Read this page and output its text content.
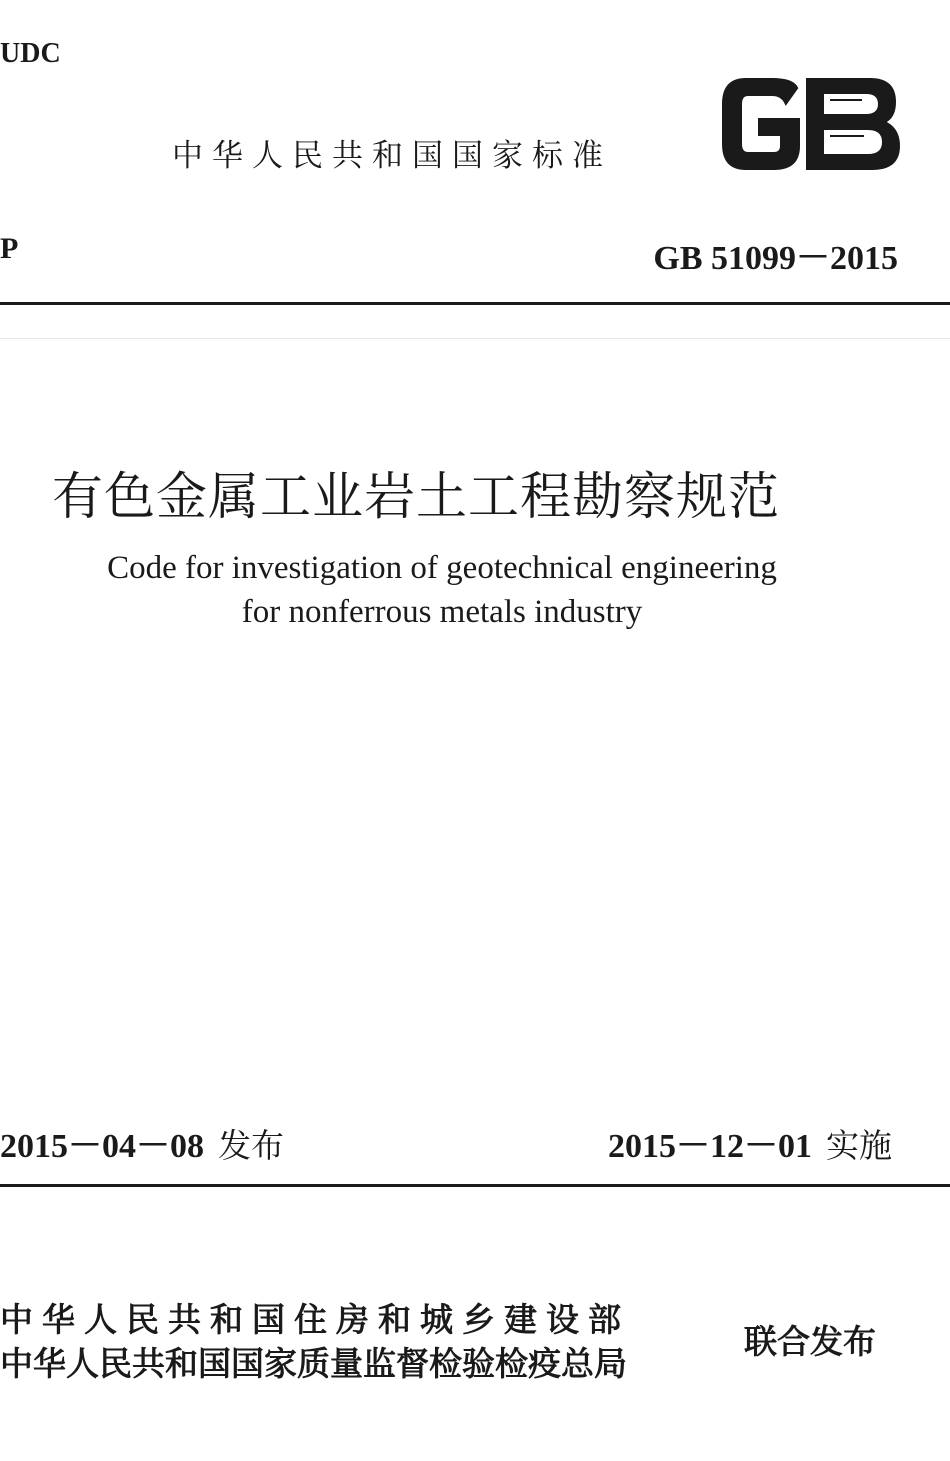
UDC
中华人民共和国国家标准
P	GB 51099－2015
有色金属工业岩土工程勘察规范
Code for investigation of geotechnical engineering
for nonferrous metals industry
2015－04－08 发布	2015－12－01 实施
中华人民共和国住房和城乡建设部
中华人民共和国国家质量监督检验检疫总局
联合发布
